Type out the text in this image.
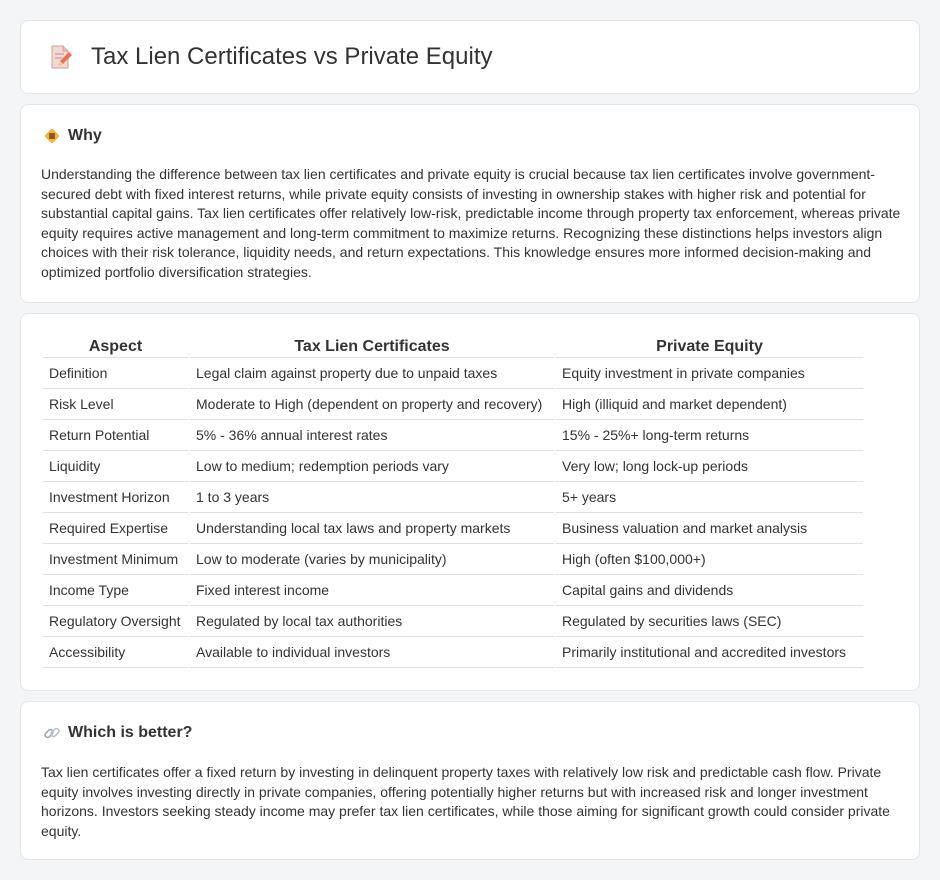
Tax Lien Certificates vs Private Equity
Why

Understanding the difference between tax lien certificates and private equity is crucial because tax lien certificates involve government-secured debt with fixed interest returns, while private equity consists of investing in ownership stakes with higher risk and potential for substantial capital gains. Tax lien certificates offer relatively low-risk, predictable income through property tax enforcement, whereas private equity requires active management and long-term commitment to maximize returns. Recognizing these distinctions helps investors align choices with their risk tolerance, liquidity needs, and return expectations. This knowledge ensures more informed decision-making and optimized portfolio diversification strategies.

Aspect	Tax Lien Certificates	Private Equity
Definition	Legal claim against property due to unpaid taxes	Equity investment in private companies
Risk Level	Moderate to High (dependent on property and recovery)	High (illiquid and market dependent)
Return Potential	5% - 36% annual interest rates	15% - 25%+ long-term returns
Liquidity	Low to medium; redemption periods vary	Very low; long lock-up periods
Investment Horizon	1 to 3 years	5+ years
Required Expertise	Understanding local tax laws and property markets	Business valuation and market analysis
Investment Minimum	Low to moderate (varies by municipality)	High (often $100,000+)
Income Type	Fixed interest income	Capital gains and dividends
Regulatory Oversight	Regulated by local tax authorities	Regulated by securities laws (SEC)
Accessibility	Available to individual investors	Primarily institutional and accredited investors
Which is better?

Tax lien certificates offer a fixed return by investing in delinquent property taxes with relatively low risk and predictable cash flow. Private equity involves investing directly in private companies, offering potentially higher returns but with increased risk and longer investment horizons. Investors seeking steady income may prefer tax lien certificates, while those aiming for significant growth could consider private equity.
